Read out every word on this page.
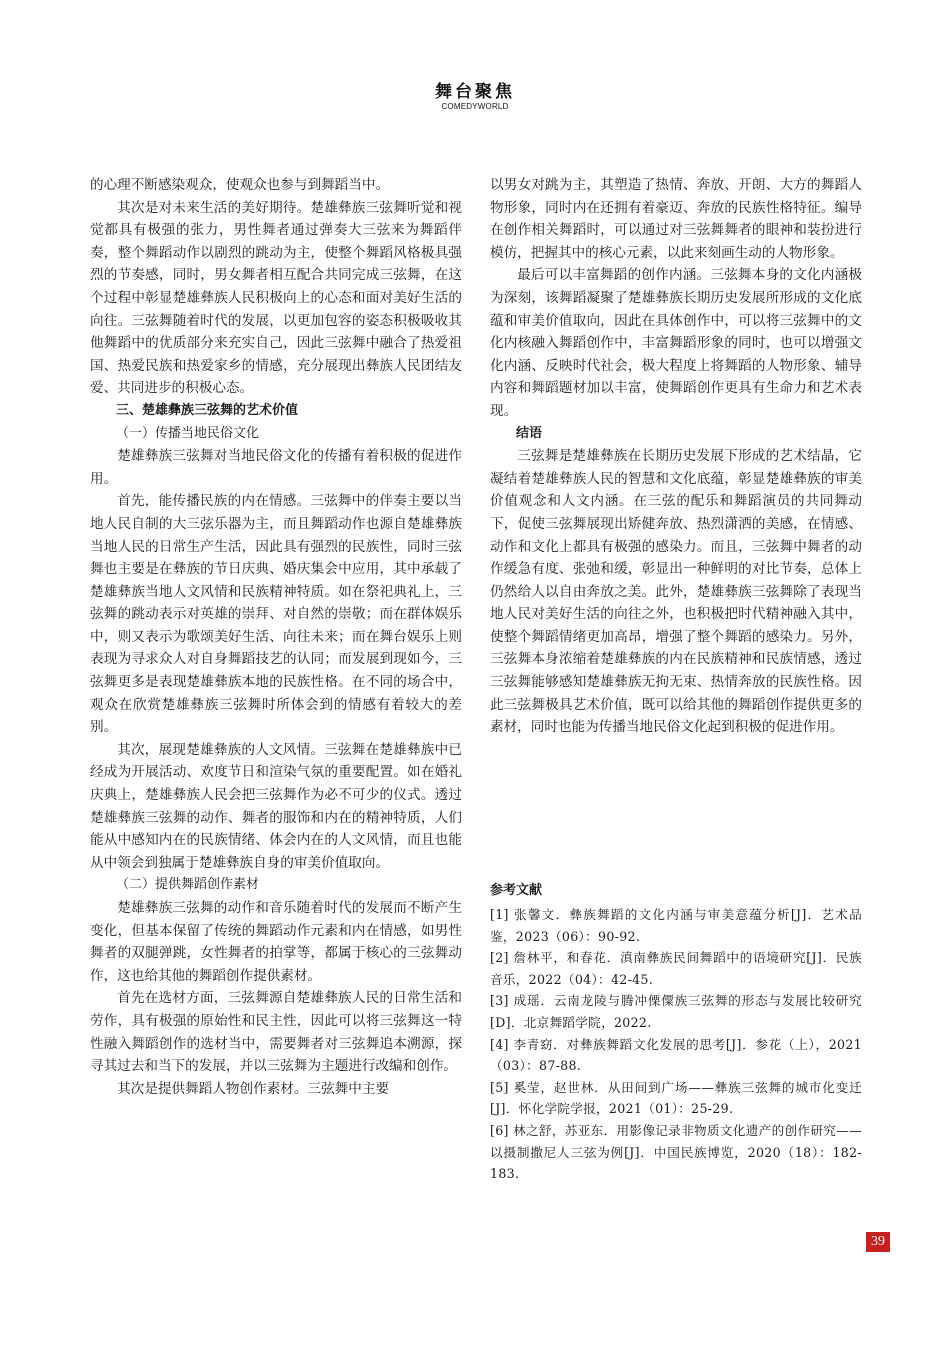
舞台聚焦
COMEDYWORLD

的心理不断感染观众，使观众也参与到舞蹈当中。

其次是对未来生活的美好期待。楚雄彝族三弦舞听觉和视觉都具有极强的张力，男性舞者通过弹奏大三弦来为舞蹈伴奏，整个舞蹈动作以剧烈的跳动为主，使整个舞蹈风格极具强烈的节奏感，同时，男女舞者相互配合共同完成三弦舞，在这个过程中彰显楚雄彝族人民积极向上的心态和面对美好生活的向往。三弦舞随着时代的发展，以更加包容的姿态积极吸收其他舞蹈中的优质部分来充实自己，因此三弦舞中融合了热爱祖国、热爱民族和热爱家乡的情感，充分展现出彝族人民团结友爱、共同进步的积极心态。

三、楚雄彝族三弦舞的艺术价值
（一）传播当地民俗文化

楚雄彝族三弦舞对当地民俗文化的传播有着积极的促进作用。

首先，能传播民族的内在情感。三弦舞中的伴奏主要以当地人民自制的大三弦乐器为主，而且舞蹈动作也源自楚雄彝族当地人民的日常生产生活，因此具有强烈的民族性，同时三弦舞也主要是在彝族的节日庆典、婚庆集会中应用，其中承载了楚雄彝族当地人文风情和民族精神特质。如在祭祀典礼上，三弦舞的跳动表示对英雄的崇拜、对自然的崇敬；而在群体娱乐中，则又表示为歌颂美好生活、向往未来；而在舞台娱乐上则表现为寻求众人对自身舞蹈技艺的认同；而发展到现如今，三弦舞更多是表现楚雄彝族本地的民族性格。在不同的场合中，观众在欣赏楚雄彝族三弦舞时所体会到的情感有着较大的差别。

其次，展现楚雄彝族的人文风情。三弦舞在楚雄彝族中已经成为开展活动、欢度节日和渲染气氛的重要配置。如在婚礼庆典上，楚雄彝族人民会把三弦舞作为必不可少的仪式。透过楚雄彝族三弦舞的动作、舞者的服饰和内在的精神特质，人们能从中感知内在的民族情绪、体会内在的人文风情，而且也能从中领会到独属于楚雄彝族自身的审美价值取向。

（二）提供舞蹈创作素材

楚雄彝族三弦舞的动作和音乐随着时代的发展而不断产生变化，但基本保留了传统的舞蹈动作元素和内在情感，如男性舞者的双腿弹跳，女性舞者的拍掌等，都属于核心的三弦舞动作，这也给其他的舞蹈创作提供素材。

首先在选材方面，三弦舞源自楚雄彝族人民的日常生活和劳作，具有极强的原始性和民主性，因此可以将三弦舞这一特性融入舞蹈创作的选材当中，需要舞者对三弦舞追本溯源，探寻其过去和当下的发展，并以三弦舞为主题进行改编和创作。

其次是提供舞蹈人物创作素材。三弦舞中主要

以男女对跳为主，其塑造了热情、奔放、开朗、大方的舞蹈人物形象，同时内在还拥有着豪迈、奔放的民族性格特征。编导在创作相关舞蹈时，可以通过对三弦舞舞者的眼神和装扮进行模仿，把握其中的核心元素，以此来刻画生动的人物形象。

最后可以丰富舞蹈的创作内涵。三弦舞本身的文化内涵极为深刻，该舞蹈凝聚了楚雄彝族长期历史发展所形成的文化底蕴和审美价值取向，因此在具体创作中，可以将三弦舞中的文化内核融入舞蹈创作中，丰富舞蹈形象的同时，也可以增强文化内涵、反映时代社会，极大程度上将舞蹈的人物形象、辅导内容和舞蹈题材加以丰富，使舞蹈创作更具有生命力和艺术表现。

结语

三弦舞是楚雄彝族在长期历史发展下形成的艺术结晶，它凝结着楚雄彝族人民的智慧和文化底蕴，彰显楚雄彝族的审美价值观念和人文内涵。在三弦的配乐和舞蹈演员的共同舞动下，促使三弦舞展现出矫健奔放、热烈潇洒的美感，在情感、动作和文化上都具有极强的感染力。而且，三弦舞中舞者的动作缓急有度、张弛和缓，彰显出一种鲜明的对比节奏，总体上仍然给人以自由奔放之美。此外，楚雄彝族三弦舞除了表现当地人民对美好生活的向往之外，也积极把时代精神融入其中，使整个舞蹈情绪更加高昂，增强了整个舞蹈的感染力。另外，三弦舞本身浓缩着楚雄彝族的内在民族精神和民族情感，透过三弦舞能够感知楚雄彝族无拘无束、热情奔放的民族性格。因此三弦舞极具艺术价值，既可以给其他的舞蹈创作提供更多的素材，同时也能为传播当地民俗文化起到积极的促进作用。

参考文献

[1] 张馨文．彝族舞蹈的文化内涵与审美意蕴分析[J]．艺术品鉴，2023（06）：90-92.

[2] 詹林平，和春花．滇南彝族民间舞蹈中的语境研究[J]．民族音乐，2022（04）：42-45.

[3] 成瑶．云南龙陵与腾冲傈僳族三弦舞的形态与发展比较研究[D]．北京舞蹈学院，2022.

[4] 李青窈．对彝族舞蹈文化发展的思考[J]．参花（上），2021（03）：87-88.

[5] 奚莹，赵世林．从田间到广场——彝族三弦舞的城市化变迁[J]．怀化学院学报，2021（01）：25-29.

[6] 林之舒，苏亚东．用影像记录非物质文化遗产的创作研究——以摄制撒尼人三弦为例[J]．中国民族博览，2020（18）：182-183.

39
